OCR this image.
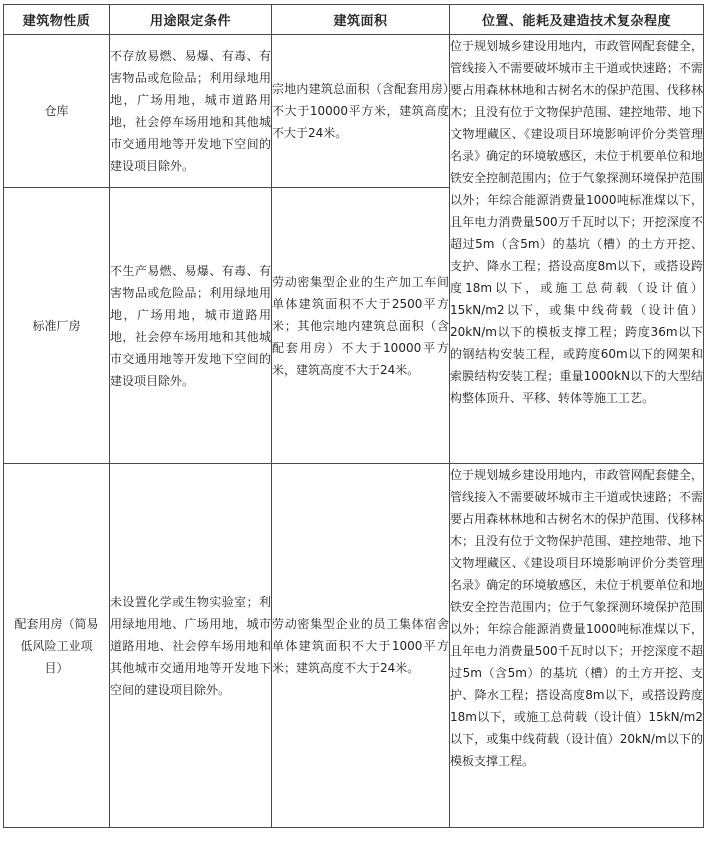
建筑物性质	用途限定条件	建筑面积	位置、能耗及建造技术复杂程度
仓库	不存放易燃、易爆、有毒、有害物品或危险品；利用绿地用地，广场用地，城市道路用地，社会停车场用地和其他城市交通用地等开发地下空间的建设项目除外。	宗地内建筑总面积（含配套用房）不大于10000平方米，建筑高度不大于24米。	位于规划城乡建设用地内，市政管网配套健全，管线接入不需要破坏城市主干道或快速路；不需要占用森林林地和古树名木的保护范围、伐移林木；且没有位于文物保护范围、建控地带、地下文物埋藏区、《建设项目环境影响评价分类管理名录》确定的环境敏感区，未位于机要单位和地铁安全控制范围内；位于气象探测环境保护范围以外；年综合能源消费量1000吨标准煤以下，且年电力消费量500万千瓦时以下；开挖深度不超过5m（含5m）的基坑（槽）的土方开挖、支护、降水工程；搭设高度8m以下，或搭设跨度18m以下，或施工总荷载（设计值）15kN/m2以下，或集中线荷载（设计值）20kN/m以下的模板支撑工程；跨度36m以下的钢结构安装工程，或跨度60m以下的网架和索膜结构安装工程；重量1000kN以下的大型结构整体顶升、平移、转体等施工工艺。
标准厂房	不生产易燃、易爆、有毒、有害物品或危险品；利用绿地用地，广场用地，城市道路用地，社会停车场用地和其他城市交通用地等开发地下空间的建设项目除外。	劳动密集型企业的生产加工车间单体建筑面积不大于2500平方米；其他宗地内建筑总面积（含配套用房）不大于10000平方米，建筑高度不大于24米。	
配套用房（简易低风险工业项目）	未设置化学或生物实验室；利用绿地用地、广场用地，城市道路用地、社会停车场用地和其他城市交通用地等开发地下空间的建设项目除外。	劳动密集型企业的员工集体宿舍单体建筑面积不大于1000平方米；建筑高度不大于24米。	位于规划城乡建设用地内，市政管网配套健全，管线接入不需要破坏城市主干道或快速路；不需要占用森林林地和古树名木的保护范围、伐移林木；且没有位于文物保护范围、建控地带、地下文物埋藏区、《建设项目环境影响评价分类管理名录》确定的环境敏感区，未位于机要单位和地铁安全控告范围内；位于气象探测环境保护范围以外；年综合能源消费量1000吨标准煤以下，且年电力消费量500千瓦时以下；开挖深度不超过5m（含5m）的基坑（槽）的土方开挖、支护、降水工程；搭设高度8m以下，或搭设跨度18m以下，或施工总荷载（设计值）15kN/m2以下，或集中线荷载（设计值）20kN/m以下的模板支撑工程。
